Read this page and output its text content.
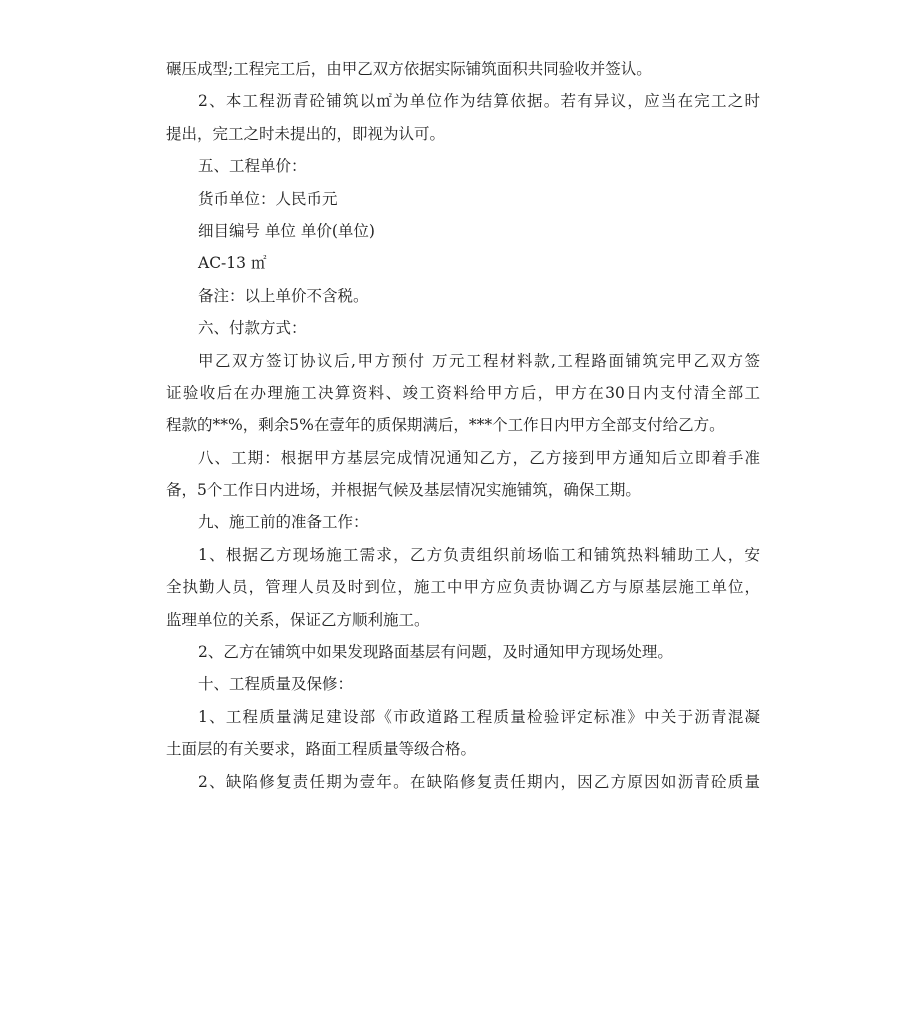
碾压成型;工程完工后，由甲乙双方依据实际铺筑面积共同验收并签认。
2、本工程沥青砼铺筑以㎡为单位作为结算依据。若有异议，应当在完工之时
提出，完工之时未提出的，即视为认可。
五、工程单价：
货币单位：人民币元
细目编号 单位 单价(单位)
AC-13 ㎡
备注：以上单价不含税。
六、付款方式：
甲乙双方签订协议后,甲方预付 万元工程材料款,工程路面铺筑完甲乙双方签
证验收后在办理施工决算资料、竣工资料给甲方后，甲方在30日内支付清全部工
程款的**%，剩余5%在壹年的质保期满后，***个工作日内甲方全部支付给乙方。
八、工期：根据甲方基层完成情况通知乙方，乙方接到甲方通知后立即着手准
备，5个工作日内进场，并根据气候及基层情况实施铺筑，确保工期。
九、施工前的准备工作：
1、根据乙方现场施工需求，乙方负责组织前场临工和铺筑热料辅助工人，安
全执勤人员，管理人员及时到位，施工中甲方应负责协调乙方与原基层施工单位，
监理单位的关系，保证乙方顺利施工。
2、乙方在铺筑中如果发现路面基层有问题，及时通知甲方现场处理。
十、工程质量及保修：
1、工程质量满足建设部《市政道路工程质量检验评定标准》中关于沥青混凝
土面层的有关要求，路面工程质量等级合格。
2、缺陷修复责任期为壹年。在缺陷修复责任期内，因乙方原因如沥青砼质量
